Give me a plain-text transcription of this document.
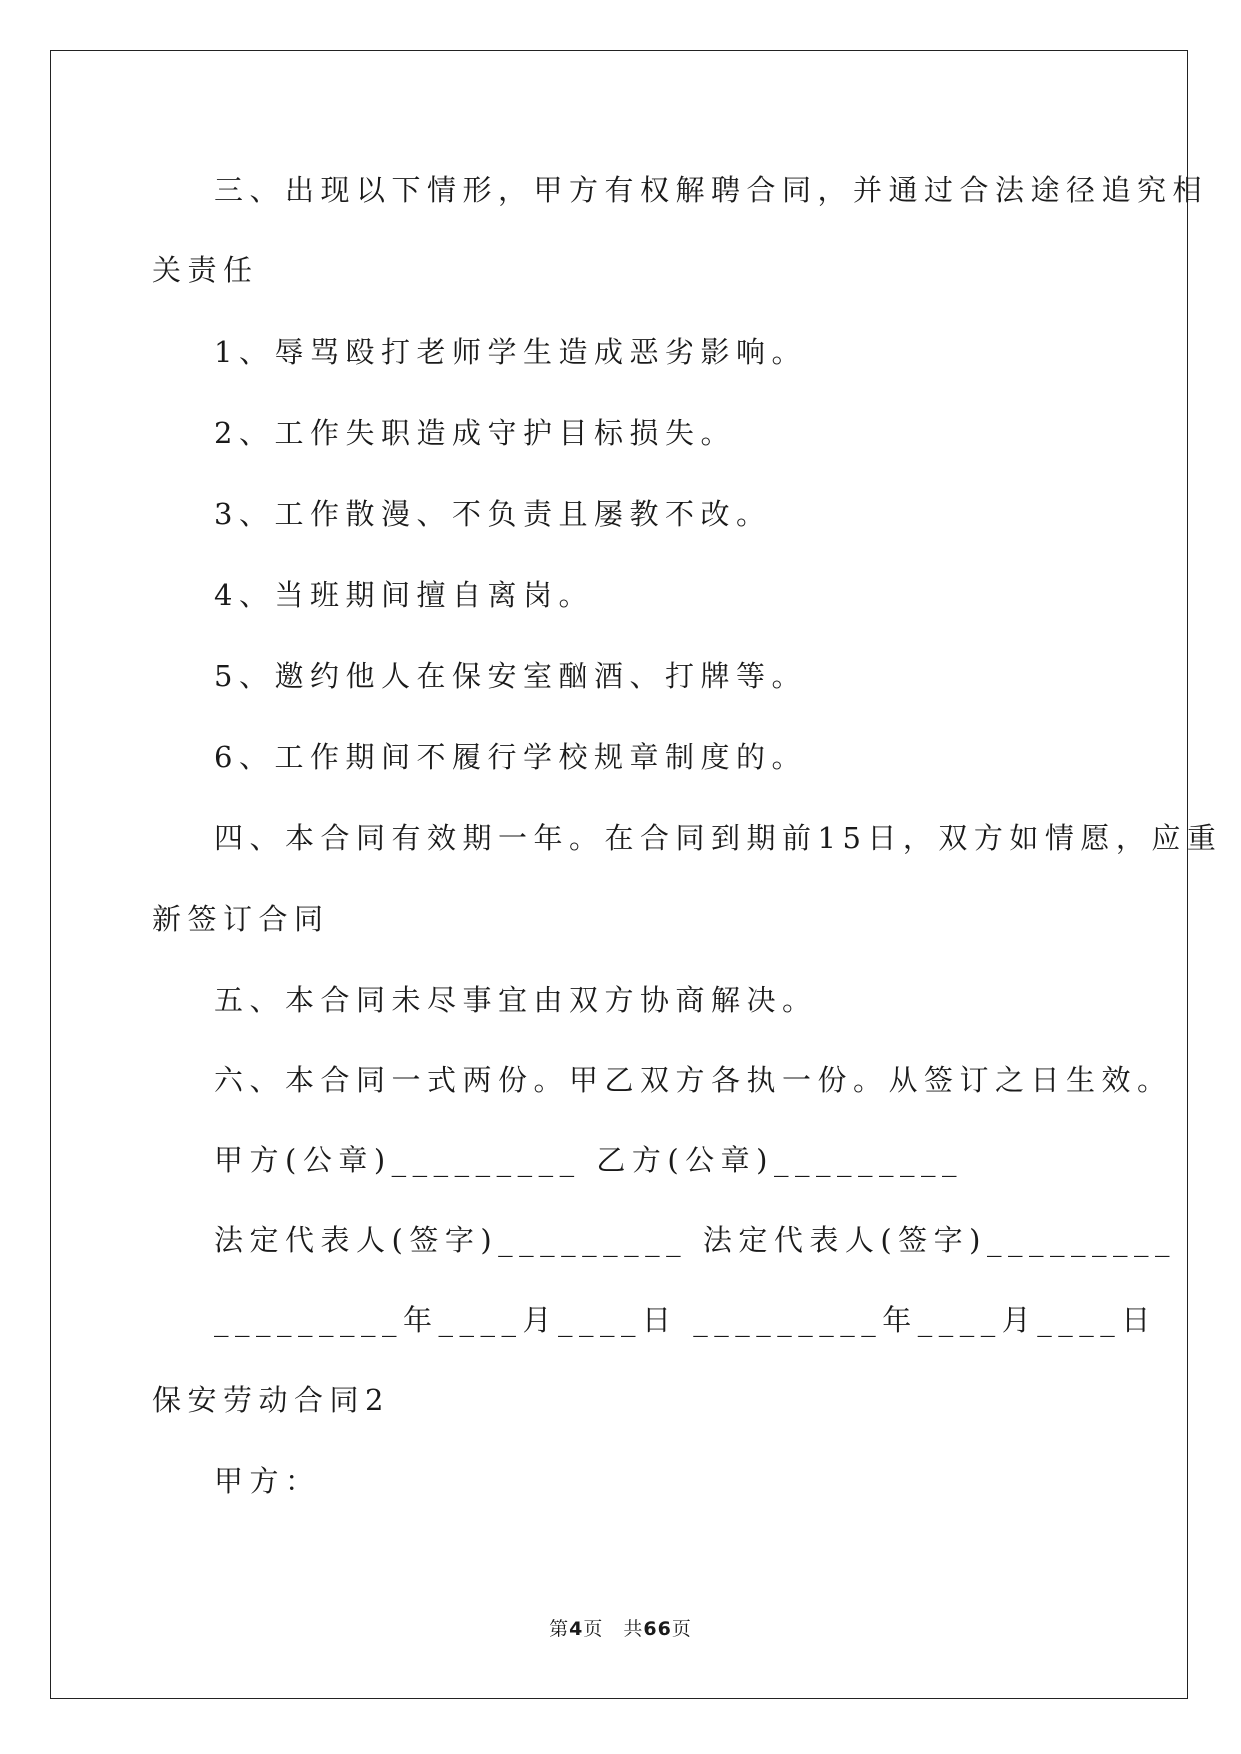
三、出现以下情形，甲方有权解聘合同，并通过合法途径追究相
关责任
1、辱骂殴打老师学生造成恶劣影响。
2、工作失职造成守护目标损失。
3、工作散漫、不负责且屡教不改。
4、当班期间擅自离岗。
5、邀约他人在保安室酗酒、打牌等。
6、工作期间不履行学校规章制度的。
四、本合同有效期一年。在合同到期前15日，双方如情愿，应重
新签订合同
五、本合同未尽事宜由双方协商解决。
六、本合同一式两份。甲乙双方各执一份。从签订之日生效。
甲方(公章)_________ 乙方(公章)_________
法定代表人(签字)_________ 法定代表人(签字)_________
_________年____月____日 _________年____月____日
保安劳动合同2
甲方：
第4页 共66页
